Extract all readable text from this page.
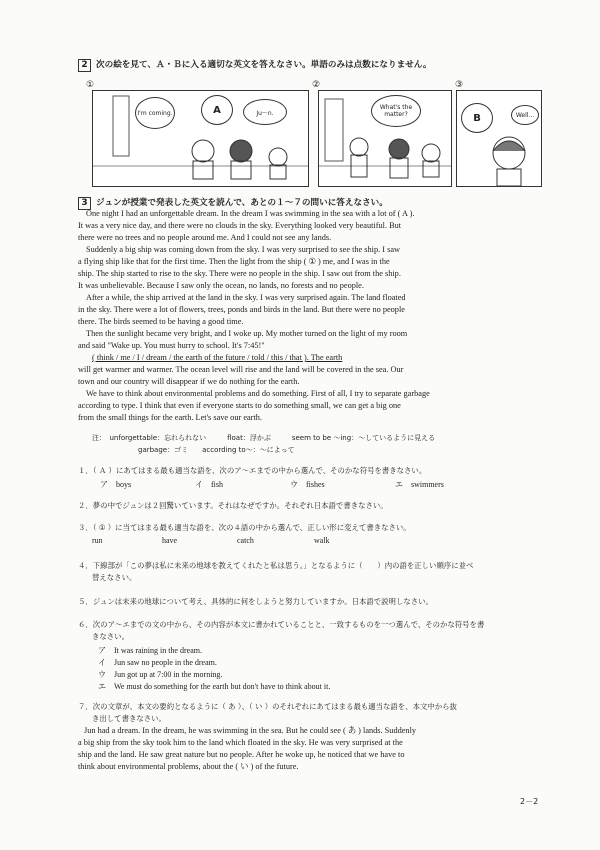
2 次の絵を見て、Ａ・Ｂに入る適切な英文を答えなさい。単語のみは点数になりません。
①
I'm coming.	A	Ju～n.
②
What's the matter?
③
B	Well...
3 ジュンが授業で発表した英文を読んで、あとの１～７の問いに答えなさい。
One night I had an unforgettable dream. In the dream I was swimming in the sea with a lot of ( A ).
It was a very nice day, and there were no clouds in the sky. Everything looked very beautiful. But
there were no trees and no people around me. And I could not see any lands.
Suddenly a big ship was coming down from the sky. I was very surprised to see the ship. I saw
a flying ship like that for the first time. Then the light from the ship ( ① ) me, and I was in the
ship. The ship started to rise to the sky. There were no people in the ship. I saw out from the ship.
It was unbelievable. Because I saw only the ocean, no lands, no forests and no people.
After a while, the ship arrived at the land in the sky. I was very surprised again. The land floated
in the sky. There were a lot of flowers, trees, ponds and birds in the land. But there were no people
there. The birds seemed to be having a good time.
Then the sunlight became very bright, and I woke up. My mother turned on the light of my room
and said "Wake up. You must hurry to school. It's 7:45!"
( think / me / I / dream / the earth of the future / told / this / that ). The earth
will get warmer and warmer. The ocean level will rise and the land will be covered in the sea. Our
town and our country will disappear if we do nothing for the earth.
We have to think about environmental problems and do something. First of all, I try to separate garbage
according to type. I think that even if everyone starts to do something small, we can get a big one
from the small things for the earth. Let's save our earth.
注：　unforgettable：忘れられない　　　float：浮かぶ　　　seem to be ～ing：～しているように見える
garbage：ゴミ　　according to～：～によって
１．（ Ａ ）にあてはまる最も適当な語を、次のア～エまでの中から選んで、そのかな符号を書きなさい。
ア　boys	イ　fish	ウ　fishes	エ　swimmers
２．夢の中でジュンは２回驚いています。それはなぜですか。それぞれ日本語で書きなさい。
３．（ ① ）に当てはまる最も適当な語を、次の４語の中から選んで、正しい形に変えて書きなさい。
run	have	catch	walk
４．下線部が「この夢は私に未来の地球を教えてくれたと私は思う。」となるように（　　）内の語を正しい順序に並べ
替えなさい。
５．ジュンは未来の地球について考え、具体的に何をしようと努力していますか。日本語で説明しなさい。
６．次のア～エまでの文の中から、その内容が本文に書かれていることと、一致するものを一つ選んで、そのかな符号を書
きなさい。
ア　It was raining in the dream.
イ　Jun saw no people in the dream.
ウ　Jun got up at 7:00 in the morning.
エ　We must do something for the earth but don't have to think about it.
７．次の文章が、本文の要約となるように（ あ ）、（ い ）のそれぞれにあてはまる最も適当な語を、本文中から抜
き出して書きなさい。
Jun had a dream. In the dream, he was swimming in the sea. But he could see ( あ ) lands. Suddenly
a big ship from the sky took him to the land which floated in the sky. He was very surprised at the
ship and the land. He saw great nature but no people. After he woke up, he noticed that we have to
think about environmental problems, about the ( い ) of the future.
2－2
